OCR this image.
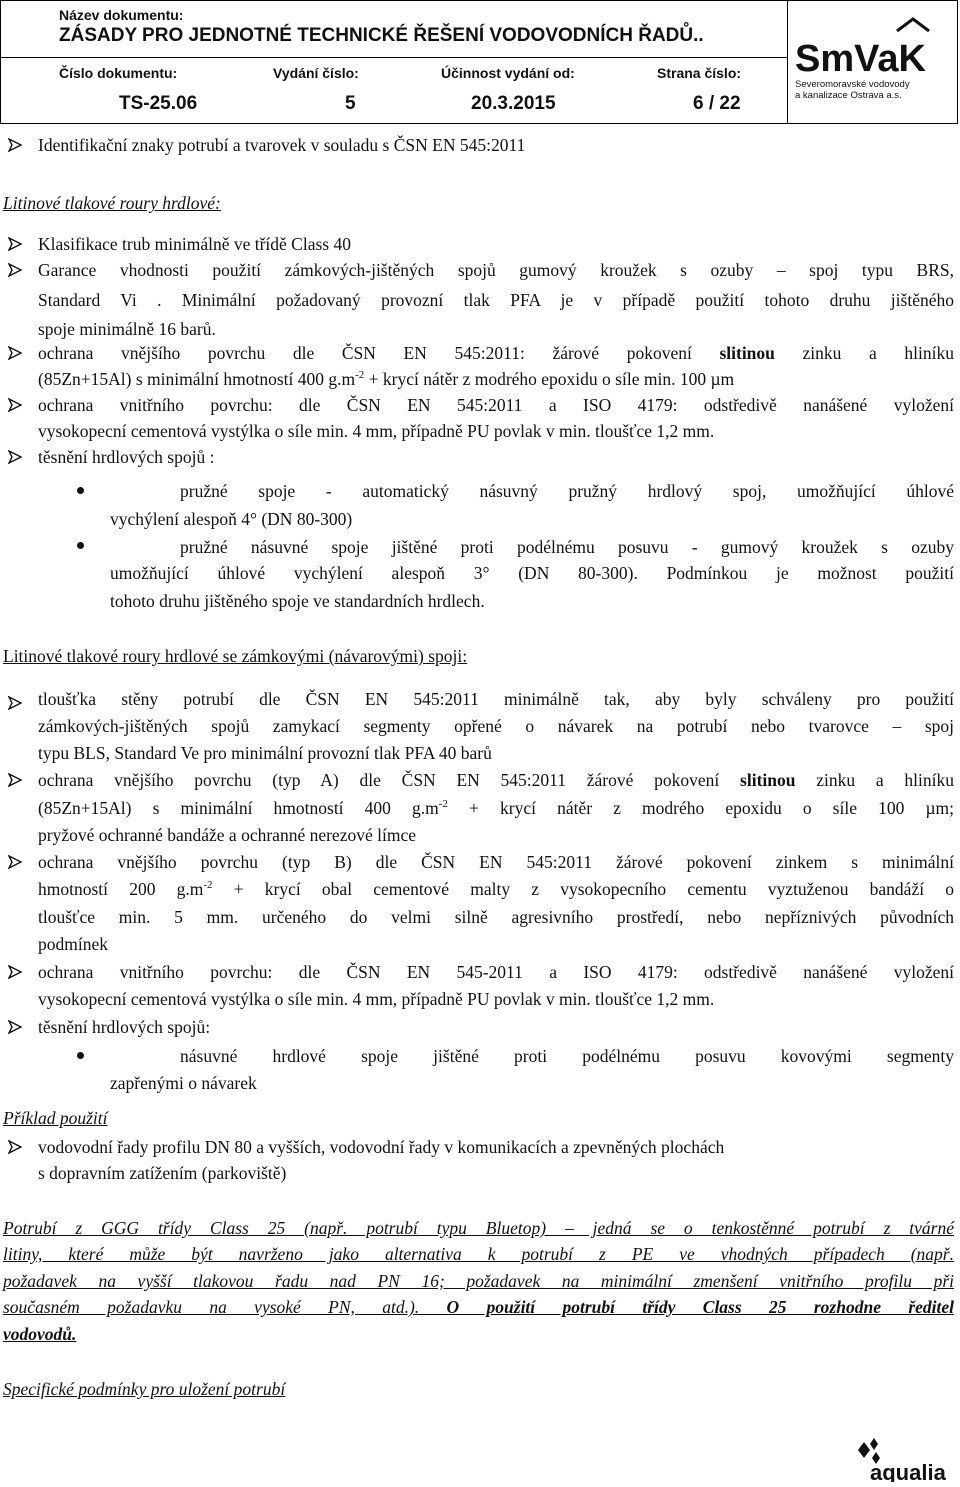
Název dokumentu:
ZÁSADY PRO JEDNOTNÉ TECHNICKÉ ŘEŠENÍ VODOVODNÍCH ŘADŮ..
Číslo dokumentu:	Vydání číslo:	Účinnost vydání od:	Strana číslo:
TS-25.06	5	20.3.2015	6 / 22
SmVaK
Severomoravské vodovody
a kanalizace Ostrava a.s.
Identifikační znaky potrubí a tvarovek v souladu s ČSN EN 545:2011
Litinové tlakové roury hrdlové:
Klasifikace trub minimálně ve třídě Class 40
Garance vhodnosti použití zámkových-jištěných spojů gumový kroužek s ozuby – spoj typu BRS,
Standard Vi . Minimální požadovaný provozní tlak PFA je v případě použití tohoto druhu jištěného
spoje minimálně 16 barů.
ochrana vnějšího povrchu dle ČSN EN 545:2011: žárové pokovení slitinou zinku a hliníku
(85Zn+15Al) s minimální hmotností 400 $g.m^{-2}$ + krycí nátěr z modrého epoxidu o síle min. 100 µm
ochrana vnitřního povrchu: dle ČSN EN 545:2011 a ISO 4179: odstředivě nanášené vyložení
vysokopecní cementová vystýlka o síle min. 4 mm, případně PU povlak v min. tloušťce 1,2 mm.
těsnění hrdlových spojů :
pružné spoje - automatický násuvný pružný hrdlový spoj, umožňující úhlové
vychýlení alespoň 4° (DN 80-300)
pružné násuvné spoje jištěné proti podélnému posuvu - gumový kroužek s ozuby
umožňující úhlové vychýlení alespoň 3° (DN 80-300). Podmínkou je možnost použití
tohoto druhu jištěného spoje ve standardních hrdlech.
Litinové tlakové roury hrdlové se zámkovými (návarovými) spoji:
tloušťka stěny potrubí dle ČSN EN 545:2011 minimálně tak, aby byly schváleny pro použití
zámkových-jištěných spojů zamykací segmenty opřené o návarek na potrubí nebo tvarovce – spoj
typu BLS, Standard Ve pro minimální provozní tlak PFA 40 barů
ochrana vnějšího povrchu (typ A) dle ČSN EN 545:2011 žárové pokovení slitinou zinku a hliníku
(85Zn+15Al) s minimální hmotností 400 $g.m^{-2}$ + krycí nátěr z modrého epoxidu o síle 100 µm;
pryžové ochranné bandáže a ochranné nerezové límce
ochrana vnějšího povrchu (typ B) dle ČSN EN 545:2011 žárové pokovení zinkem s minimální
hmotností 200 $g.m^{-2}$ + krycí obal cementové malty z vysokopecního cementu vyztuženou bandáží o
tloušťce min. 5 mm. určeného do velmi silně agresivního prostředí, nebo nepříznivých původních
podmínek
ochrana vnitřního povrchu: dle ČSN EN 545-2011 a ISO 4179: odstředivě nanášené vyložení
vysokopecní cementová vystýlka o síle min. 4 mm, případně PU povlak v min. tloušťce 1,2 mm.
těsnění hrdlových spojů:
násuvné hrdlové spoje jištěné proti podélnému posuvu kovovými segmenty
zapřenými o návarek
Příklad použití
vodovodní řady profilu DN 80 a vyšších, vodovodní řady v komunikacích a zpevněných plochách
s dopravním zatížením (parkoviště)
Potrubí z GGG třídy Class 25 (např. potrubí typu Bluetop) – jedná se o tenkostěnné potrubí z tvárné
litiny, které může být navrženo jako alternativa k potrubí z PE ve vhodných případech (např.
požadavek na vyšší tlakovou řadu nad PN 16; požadavek na minimální zmenšení vnitřního profilu při
současném požadavku na vysoké PN, atd.). O použití potrubí třídy Class 25 rozhodne ředitel
vodovodů.
Specifické podmínky pro uložení potrubí
aqualia
